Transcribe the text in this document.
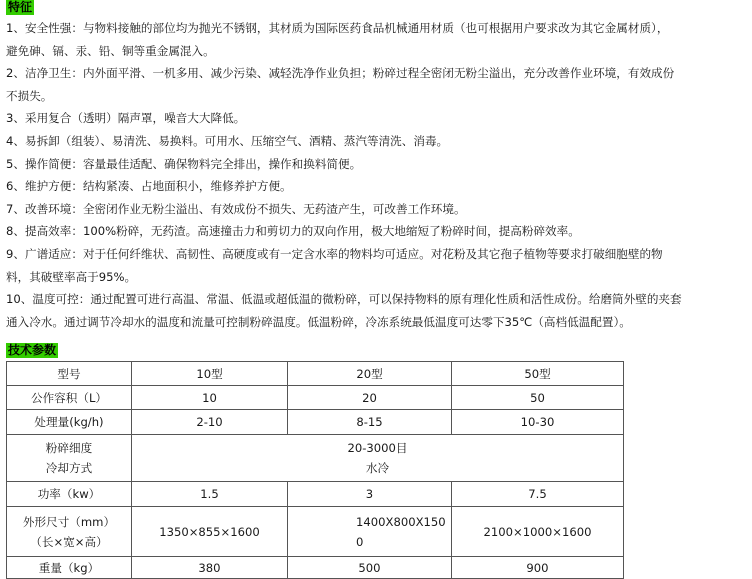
特征
1、安全性强：与物料接触的部位均为抛光不锈钢，其材质为国际医药食品机械通用材质（也可根据用户要求改为其它金属材质），
避免砷、镉、汞、铅、铜等重金属混入。
2、洁净卫生：内外面平滑、一机多用、减少污染、减轻洗净作业负担；粉碎过程全密闭无粉尘溢出，充分改善作业环境，有效成份
不损失。
3、采用复合（透明）隔声罩，噪音大大降低。
4、易拆卸（组装）、易清洗、易换料。可用水、压缩空气、酒精、蒸汽等清洗、消毒。
5、操作简便：容量最佳适配、确保物料完全排出，操作和换料简便。
6、维护方便：结构紧凑、占地面积小，维修养护方便。
7、改善环境：全密闭作业无粉尘溢出、有效成份不损失、无药渣产生，可改善工作环境。
8、提高效率：100%粉碎，无药渣。高速撞击力和剪切力的双向作用，极大地缩短了粉碎时间，提高粉碎效率。
9、广谱适应：对于任何纤维状、高韧性、高硬度或有一定含水率的物料均可适应。对花粉及其它孢子植物等要求打破细胞壁的物
料，其破壁率高于95%。
10、温度可控：通过配置可进行高温、常温、低温或超低温的微粉碎，可以保持物料的原有理化性质和活性成份。给磨筒外壁的夹套
通入冷水。通过调节冷却水的温度和流量可控制粉碎温度。低温粉碎，冷冻系统最低温度可达零下35℃（高档低温配置）。
技术参数
型号	10型	20型	50型
公作容积（L）	10	20	50
处理量(kg/h)	2-10	8-15	10-30

粉碎细度
冷却方式	20-3000目
水冷		

功率（kw）	1.5	3	7.5

外形尺寸（mm）
（长×宽×高）	1350×855×1600	1400X800X150
0	2100×1000×1600
重量（kg）	380	500	900
